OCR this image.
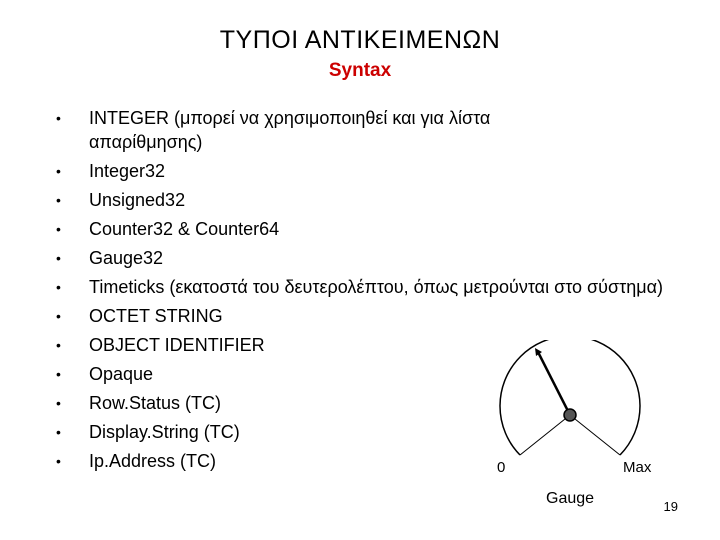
ΤΥΠΟΙ ΑΝΤΙΚΕΙΜΕΝΩΝ
Syntax
• INTEGER (μπορεί να χρησιμοποιηθεί και για λίστα απαρίθμησης)
• Integer32
• Unsigned32
• Counter32 & Counter64
• Gauge32
• Timeticks (εκατοστά του δευτερολέπτου, όπως μετρούνται στο σύστημα)
• OCTET STRING
• OBJECT IDENTIFIER
• Opaque
• Row.Status (TC)
• Display.String (TC)
• Ip.Address (TC)	0	Max
Gauge	19
